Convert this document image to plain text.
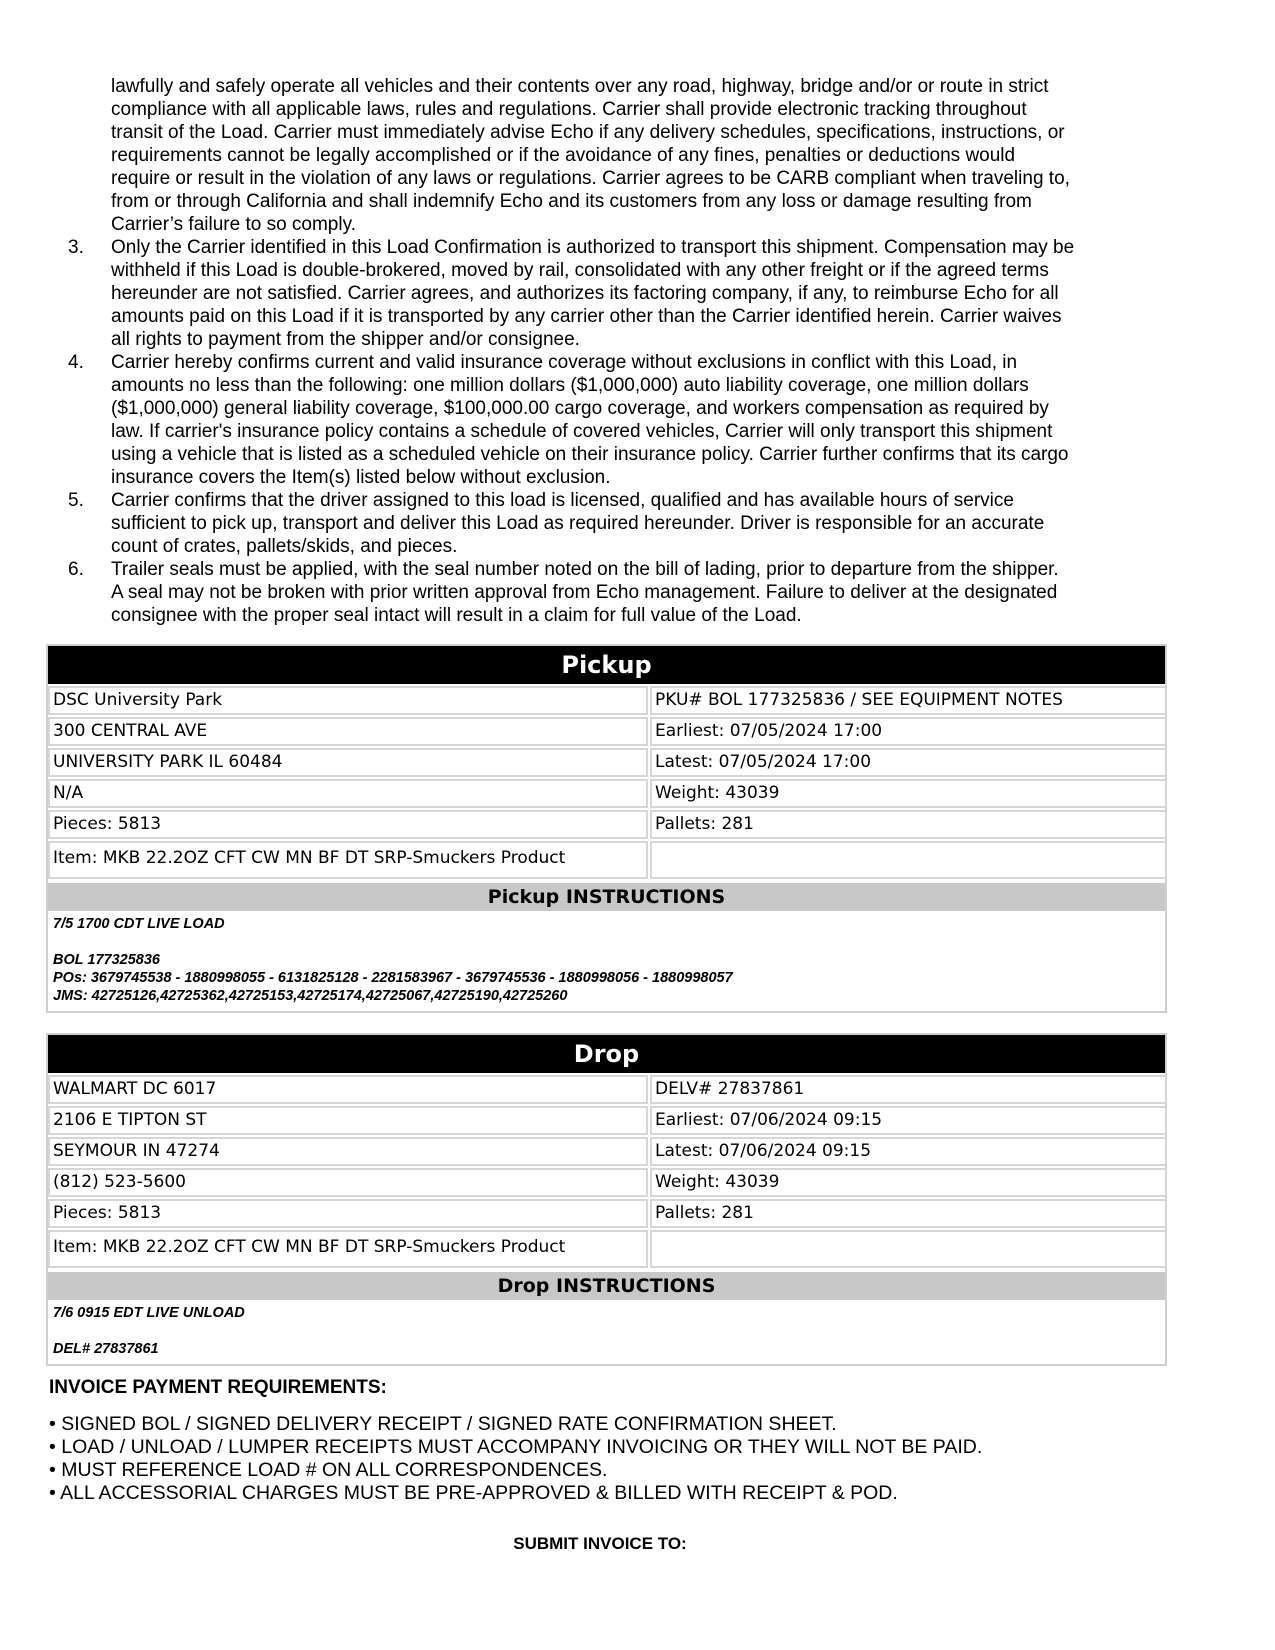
lawfully and safely operate all vehicles and their contents over any road, highway, bridge and/or or route in strict
compliance with all applicable laws, rules and regulations. Carrier shall provide electronic tracking throughout
transit of the Load. Carrier must immediately advise Echo if any delivery schedules, specifications, instructions, or
requirements cannot be legally accomplished or if the avoidance of any fines, penalties or deductions would
require or result in the violation of any laws or regulations. Carrier agrees to be CARB compliant when traveling to,
from or through California and shall indemnify Echo and its customers from any loss or damage resulting from
Carrier’s failure to so comply.
3. Only the Carrier identified in this Load Confirmation is authorized to transport this shipment. Compensation may be
withheld if this Load is double-brokered, moved by rail, consolidated with any other freight or if the agreed terms
hereunder are not satisfied. Carrier agrees, and authorizes its factoring company, if any, to reimburse Echo for all
amounts paid on this Load if it is transported by any carrier other than the Carrier identified herein. Carrier waives
all rights to payment from the shipper and/or consignee.
4. Carrier hereby confirms current and valid insurance coverage without exclusions in conflict with this Load, in
amounts no less than the following: one million dollars ($1,000,000) auto liability coverage, one million dollars
($1,000,000) general liability coverage, $100,000.00 cargo coverage, and workers compensation as required by
law. If carrier's insurance policy contains a schedule of covered vehicles, Carrier will only transport this shipment
using a vehicle that is listed as a scheduled vehicle on their insurance policy. Carrier further confirms that its cargo
insurance covers the Item(s) listed below without exclusion.
5. Carrier confirms that the driver assigned to this load is licensed, qualified and has available hours of service
sufficient to pick up, transport and deliver this Load as required hereunder. Driver is responsible for an accurate
count of crates, pallets/skids, and pieces.
6. Trailer seals must be applied, with the seal number noted on the bill of lading, prior to departure from the shipper.
A seal may not be broken with prior written approval from Echo management. Failure to deliver at the designated
consignee with the proper seal intact will result in a claim for full value of the Load.
Pickup
DSC University Park	PKU# BOL 177325836 / SEE EQUIPMENT NOTES
300 CENTRAL AVE	Earliest: 07/05/2024 17:00
UNIVERSITY PARK IL 60484	Latest: 07/05/2024 17:00
N/A	Weight: 43039
Pieces: 5813	Pallets: 281
Item: MKB 22.2OZ CFT CW MN BF DT SRP-Smuckers Product
Pickup INSTRUCTIONS
7/5 1700 CDT LIVE LOAD
BOL 177325836
POs: 3679745538 - 1880998055 - 6131825128 - 2281583967 - 3679745536 - 1880998056 - 1880998057
JMS: 42725126,42725362,42725153,42725174,42725067,42725190,42725260
Drop
WALMART DC 6017	DELV# 27837861
2106 E TIPTON ST	Earliest: 07/06/2024 09:15
SEYMOUR IN 47274	Latest: 07/06/2024 09:15
(812) 523-5600	Weight: 43039
Pieces: 5813	Pallets: 281
Item: MKB 22.2OZ CFT CW MN BF DT SRP-Smuckers Product
Drop INSTRUCTIONS
7/6 0915 EDT LIVE UNLOAD
DEL# 27837861
INVOICE PAYMENT REQUIREMENTS:
• SIGNED BOL / SIGNED DELIVERY RECEIPT / SIGNED RATE CONFIRMATION SHEET.
• LOAD / UNLOAD / LUMPER RECEIPTS MUST ACCOMPANY INVOICING OR THEY WILL NOT BE PAID.
• MUST REFERENCE LOAD # ON ALL CORRESPONDENCES.
• ALL ACCESSORIAL CHARGES MUST BE PRE-APPROVED & BILLED WITH RECEIPT & POD.
SUBMIT INVOICE TO:
